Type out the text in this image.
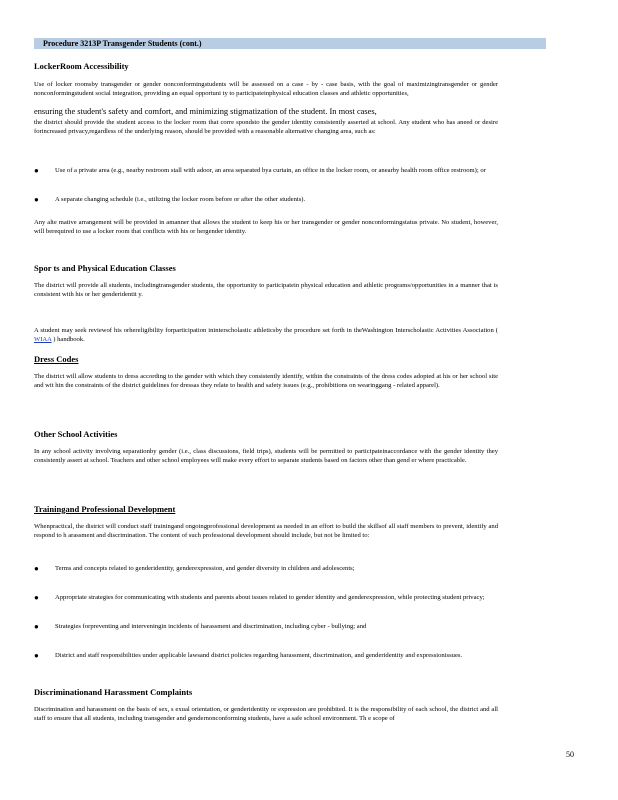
Procedure 3213P Transgender Students (cont.)
LockerRoom Accessibility
Use of locker roomsby transgender or gender nonconformingstudents will be assessed on a case - by - case basis, with the goal of maximizingtransgender or gender nonconformingstudent social integration, providing an equal opportuni ty to participateinphysical education classes and athletic opportunities,
ensuring the student's safety and comfort, and minimizing stigmatization of the student. In most cases,
the district should provide the student access to the locker room that corre spondsto the gender identity consistently asserted at school. Any student who has aneed or desire forincreased privacy,regardless of the underlying reason, should be provided with a reasonable alternative changing area, such as:
● Use of a private area (e.g., nearby restroom stall with adoor, an area separated bya curtain, an office in the locker room, or anearby health room office restroom); or
● A separate changing schedule (i.e., utilizing the locker room before or after the other students).
Any alte mative arrangement will be provided in amanner that allows the student to keep his or her transgender or gender nonconformingstatus private. No student, however, will berequired to use a locker room that conflicts with his or hergender identity.
Spor ts and Physical Education Classes
The district will provide all students, includingtransgender students, the opportunity to participatein physical education and athletic programs/opportunities in a manner that is consistent with his or her genderidentit y.
A student may seek reviewof his orhereligibility forparticipation ininterscholastic athleticsby the procedure set forth in theWashington Interscholastic Activities Association ( WIAA ) handbook.
Dress Codes
The district will allow students to dress according to the gender with which they consistently identify, within the constraints of the dress codes adopted at his or her school site and wit hin the constraints of the district guidelines for dressas they relate to health and safety issues (e.g., prohibitions on wearinggang - related apparel).
Other School Activities
In any school activity involving separationby gender (i.e., class discussions, field trips), students will be permitted to participateinaccordance with the gender identity they consistently assert at school. Teachers and other school employees will make every effort to separate students based on factors other than gend er where practicable.
Trainingand Professional Development
Whenpractical, the district will conduct staff trainingand ongoingprofessional development as needed in an effort to build the skillsof all staff members to prevent, identify and respond to h arassment and discrimination. The content of such professional development should include, but not be limited to:
● Terms and concepts related to genderidentity, genderexpression, and gender diversity in children and adolescents;
● Appropriate strategies for communicating with students and parents about issues related to gender identity and genderexpression, while protecting student privacy;
● Strategies forpreventing and interveningin incidents of harassment and discrimination, including cyber - bullying; and
● District and staff responsibilities under applicable lawsand district policies regarding harassment, discrimination, and genderidentity and expressionissues.
Discriminationand Harassment Complaints
Discrimination and harassment on the basis of sex, s exual orientation, or genderidentity or expression are prohibited. It is the responsibility of each school, the district and all staff to ensure that all students, including transgender and gendernonconforming students, have a safe school environment. Th e scope of
50
